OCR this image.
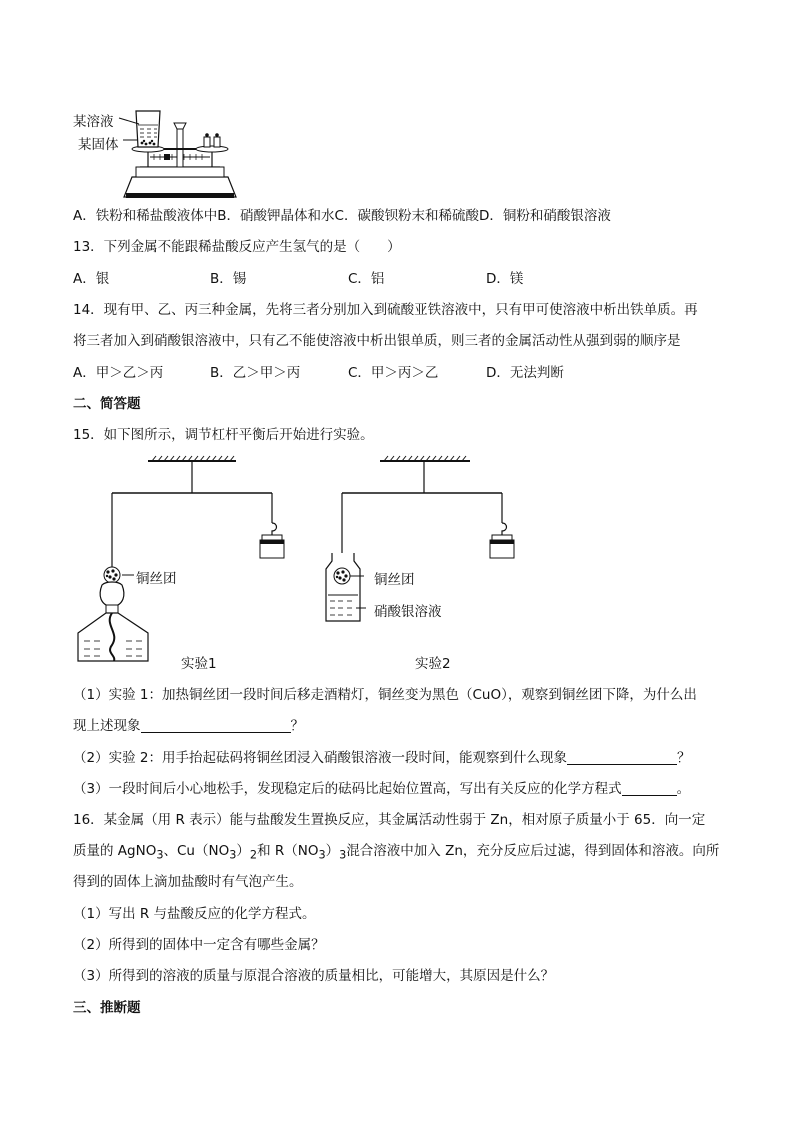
某溶液
某固体
A．铁粉和稀盐酸液体中B．硝酸钾晶体和水C．碳酸钡粉末和稀硫酸D．铜粉和硝酸银溶液
13．下列金属不能跟稀盐酸反应产生氢气的是（　　）
A．银	B．锡	C．铝	D．镁
14．现有甲、乙、丙三种金属，先将三者分别加入到硫酸亚铁溶液中，只有甲可使溶液中析出铁单质。再
将三者加入到硝酸银溶液中，只有乙不能使溶液中析出银单质，则三者的金属活动性从强到弱的顺序是
A．甲＞乙＞丙	B．乙＞甲＞丙	C．甲＞丙＞乙	D．无法判断
二、简答题
15．如下图所示，调节杠杆平衡后开始进行实验。
铜丝团
实验1
铜丝团
硝酸银溶液
实验2
（1）实验 1：加热铜丝团一段时间后移走酒精灯，铜丝变为黑色（CuO），观察到铜丝团下降，为什么出
现上述现象	？
（2）实验 2：用手抬起砝码将铜丝团浸入硝酸银溶液一段时间，能观察到什么现象	？
（3）一段时间后小心地松手，发现稳定后的砝码比起始位置高，写出有关反应的化学方程式	。
16．某金属（用 R 表示）能与盐酸发生置换反应，其金属活动性弱于 Zn，相对原子质量小于 65．向一定
质量的 AgNO$_3$、$Cu(NO_3)_2$和 $R(NO_3)_3$混合溶液中加入 Zn，充分反应后过滤，得到固体和溶液。向所
得到的固体上滴加盐酸时有气泡产生。
（1）写出 R 与盐酸反应的化学方程式。
（2）所得到的固体中一定含有哪些金属？
（3）所得到的溶液的质量与原混合溶液的质量相比，可能增大，其原因是什么？
三、推断题
